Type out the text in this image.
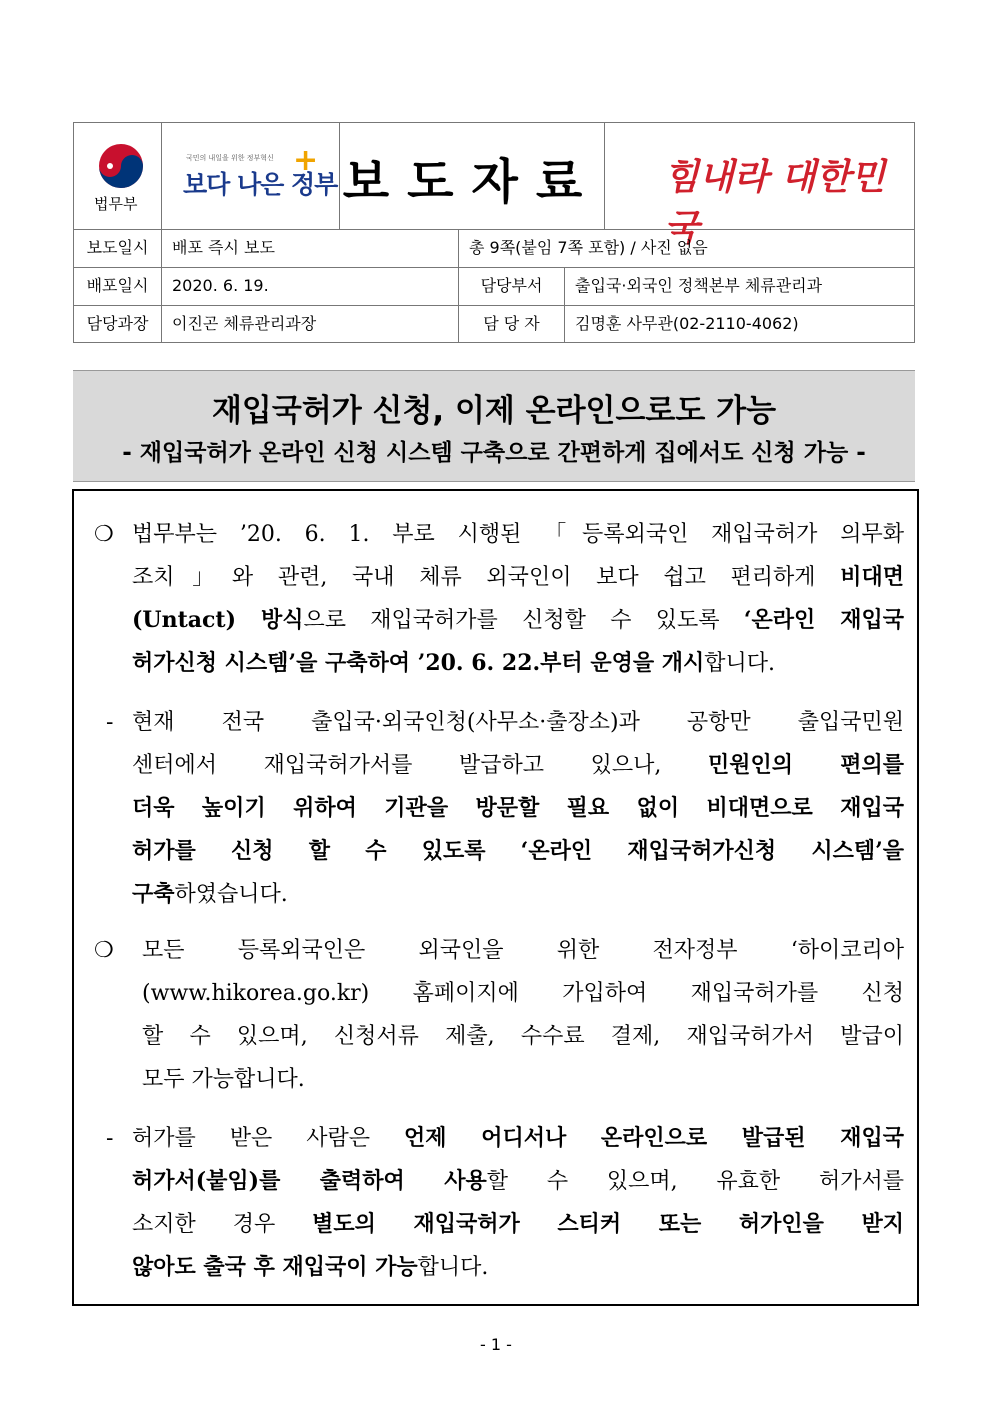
법무부
국민의 내일을 위한 정부혁신
보다 나은 정부
+ 보도자료 힘내라 대한민국
보도일시	배포 즉시 보도	총 9쪽(붙임 7쪽 포함) / 사진 없음
배포일시	2020. 6. 19.	담당부서	출입국·외국인 정책본부 체류관리과
담당과장	이진곤 체류관리과장	담 당 자	김명훈 사무관(02-2110-4062)
재입국허가 신청, 이제 온라인으로도 가능
- 재입국허가 온라인 신청 시스템 구축으로 간편하게 집에서도 신청 가능 -
❍ 법무부는 ’20. 6. 1. 부로 시행된 「등록외국인 재입국허가 의무화
조치」와 관련, 국내 체류 외국인이 보다 쉽고 편리하게 비대면
(Untact) 방식으로 재입국허가를 신청할 수 있도록 ‘온라인 재입국
허가신청 시스템’을 구축하여 ’20. 6. 22.부터 운영을 개시합니다.
- 현재 전국 출입국·외국인청(사무소·출장소)과 공항만 출입국민원
센터에서 재입국허가서를 발급하고 있으나, 민원인의 편의를
더욱 높이기 위하여 기관을 방문할 필요 없이 비대면으로 재입국
허가를 신청 할 수 있도록 ‘온라인 재입국허가신청 시스템’을
구축하였습니다.
❍ 모든 등록외국인은 외국인을 위한 전자정부 ‘하이코리아
(www.hikorea.go.kr) 홈페이지에 가입하여 재입국허가를 신청
할 수 있으며, 신청서류 제출, 수수료 결제, 재입국허가서 발급이
모두 가능합니다.
- 허가를 받은 사람은 언제 어디서나 온라인으로 발급된 재입국
허가서(붙임)를 출력하여 사용할 수 있으며, 유효한 허가서를
소지한 경우 별도의 재입국허가 스티커 또는 허가인을 받지
않아도 출국 후 재입국이 가능합니다.
- 1 -
